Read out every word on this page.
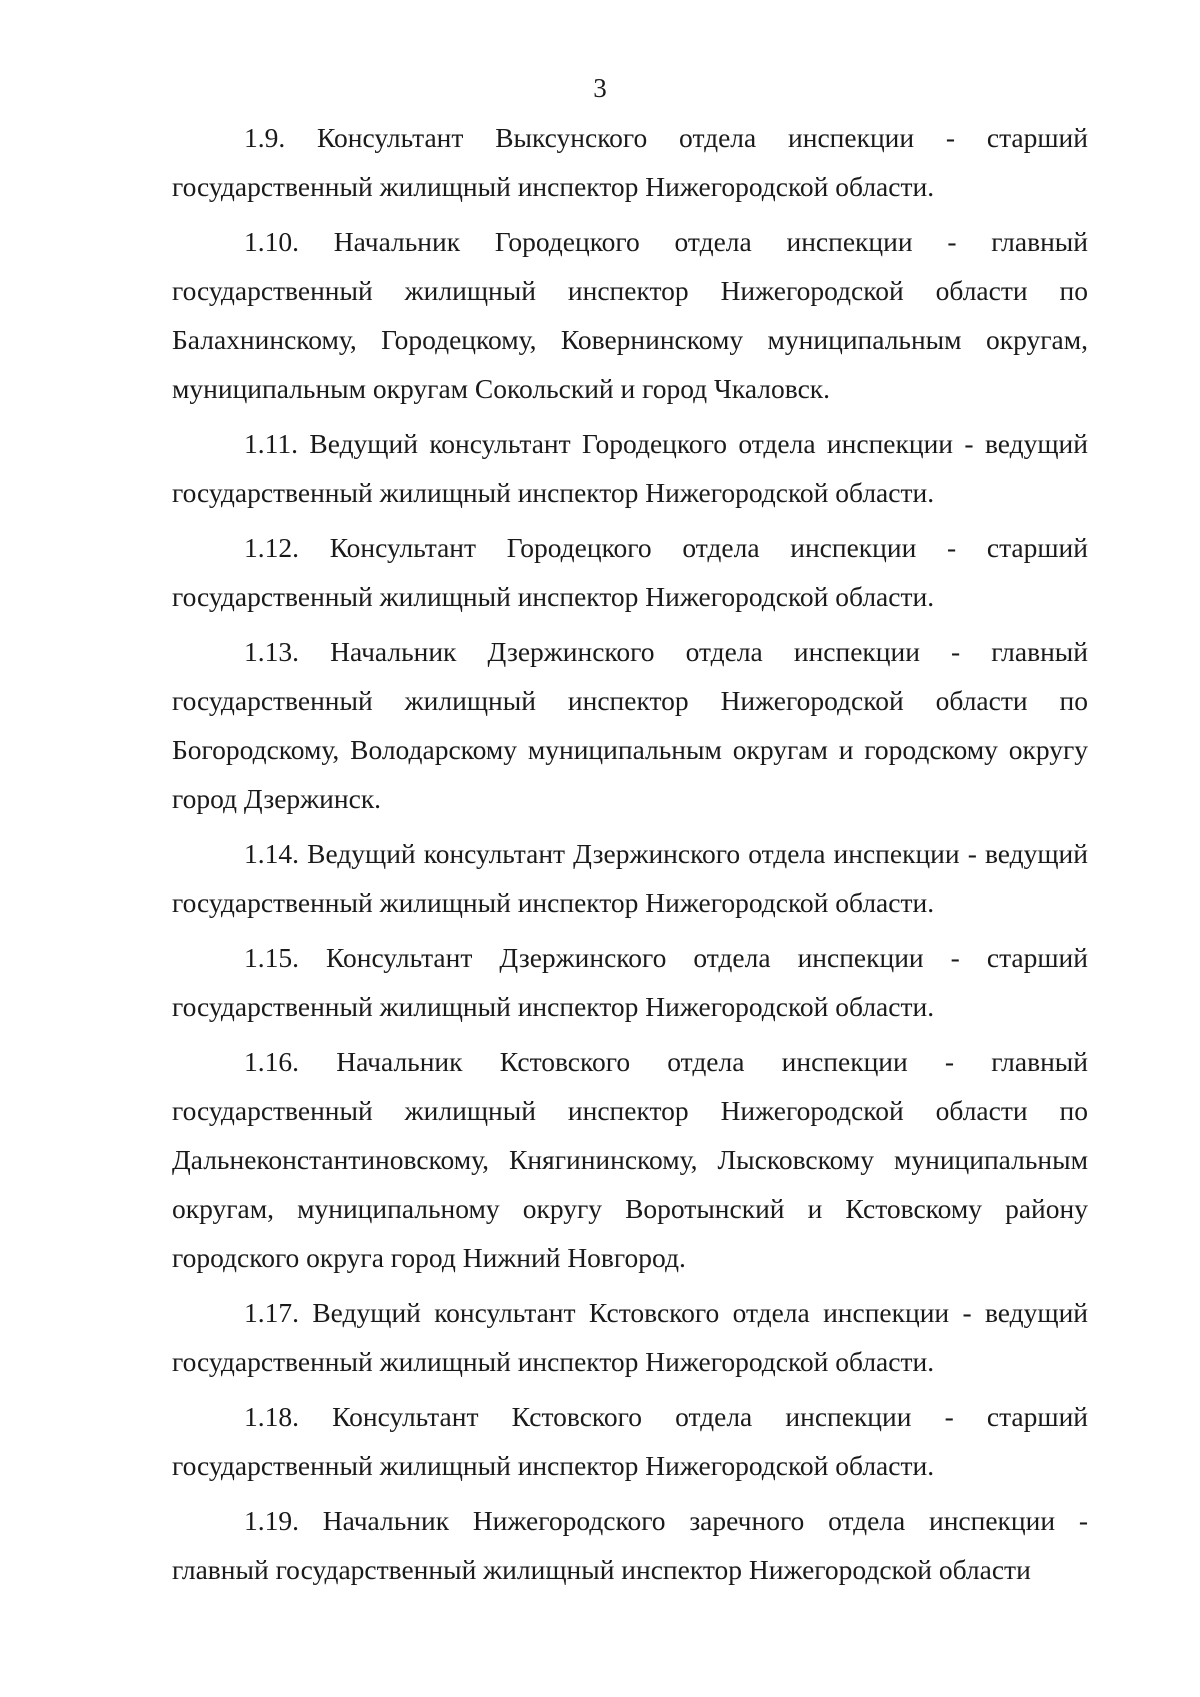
3

1.9. Консультант Выксунского отдела инспекции - старший государственный жилищный инспектор Нижегородской области.

1.10. Начальник Городецкого отдела инспекции - главный государственный жилищный инспектор Нижегородской области по Балахнинскому, Городецкому, Ковернинскому муниципальным округам, муниципальным округам Сокольский и город Чкаловск.

1.11. Ведущий консультант Городецкого отдела инспекции - ведущий государственный жилищный инспектор Нижегородской области.

1.12. Консультант Городецкого отдела инспекции - старший государственный жилищный инспектор Нижегородской области.

1.13. Начальник Дзержинского отдела инспекции - главный государственный жилищный инспектор Нижегородской области по Богородскому, Володарскому муниципальным округам и городскому округу город Дзержинск.

1.14. Ведущий консультант Дзержинского отдела инспекции - ведущий государственный жилищный инспектор Нижегородской области.

1.15. Консультант Дзержинского отдела инспекции - старший государственный жилищный инспектор Нижегородской области.

1.16. Начальник Кстовского отдела инспекции - главный государственный жилищный инспектор Нижегородской области по Дальнеконстантиновскому, Княгининскому, Лысковскому муниципальным округам, муниципальному округу Воротынский и Кстовскому району городского округа город Нижний Новгород.

1.17. Ведущий консультант Кстовского отдела инспекции - ведущий государственный жилищный инспектор Нижегородской области.

1.18. Консультант Кстовского отдела инспекции - старший государственный жилищный инспектор Нижегородской области.

1.19. Начальник Нижегородского заречного отдела инспекции - главный государственный жилищный инспектор Нижегородской области
